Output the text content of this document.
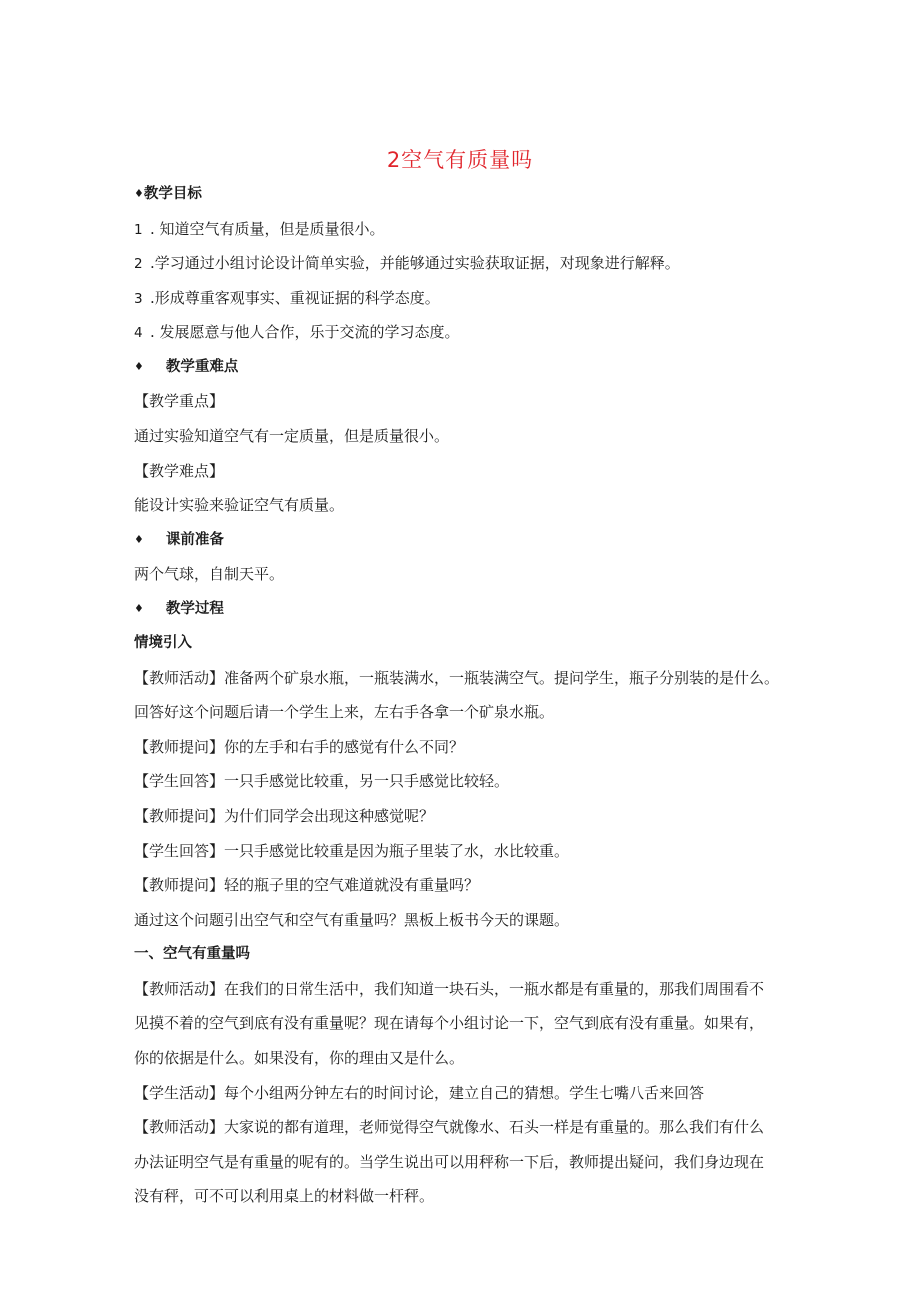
2空气有质量吗
♦教学目标
1 . 知道空气有质量，但是质量很小。
2 .学习通过小组讨论设计简单实验，并能够通过实验获取证据，对现象进行解释。
3 .形成尊重客观事实、重视证据的科学态度。
4 . 发展愿意与他人合作，乐于交流的学习态度。
♦ 教学重难点
【教学重点】
通过实验知道空气有一定质量，但是质量很小。
【教学难点】
能设计实验来验证空气有质量。
♦ 课前准备
两个气球，自制天平。
♦ 教学过程
情境引入
【教师活动】准备两个矿泉水瓶，一瓶装满水，一瓶装满空气。提问学生，瓶子分别装的是什么。
回答好这个问题后请一个学生上来，左右手各拿一个矿泉水瓶。
【教师提问】你的左手和右手的感觉有什么不同？
【学生回答】一只手感觉比较重，另一只手感觉比较轻。
【教师提问】为什们同学会出现这种感觉呢？
【学生回答】一只手感觉比较重是因为瓶子里装了水，水比较重。
【教师提问】轻的瓶子里的空气难道就没有重量吗？
通过这个问题引出空气和空气有重量吗？黑板上板书今天的课题。
一、空气有重量吗
【教师活动】在我们的日常生活中，我们知道一块石头，一瓶水都是有重量的，那我们周围看不
见摸不着的空气到底有没有重量呢？现在请每个小组讨论一下，空气到底有没有重量。如果有，
你的依据是什么。如果没有，你的理由又是什么。
【学生活动】每个小组两分钟左右的时间讨论，建立自己的猜想。学生七嘴八舌来回答
【教师活动】大家说的都有道理，老师觉得空气就像水、石头一样是有重量的。那么我们有什么
办法证明空气是有重量的呢有的。当学生说出可以用秤称一下后，教师提出疑问，我们身边现在
没有秤，可不可以利用桌上的材料做一杆秤。
